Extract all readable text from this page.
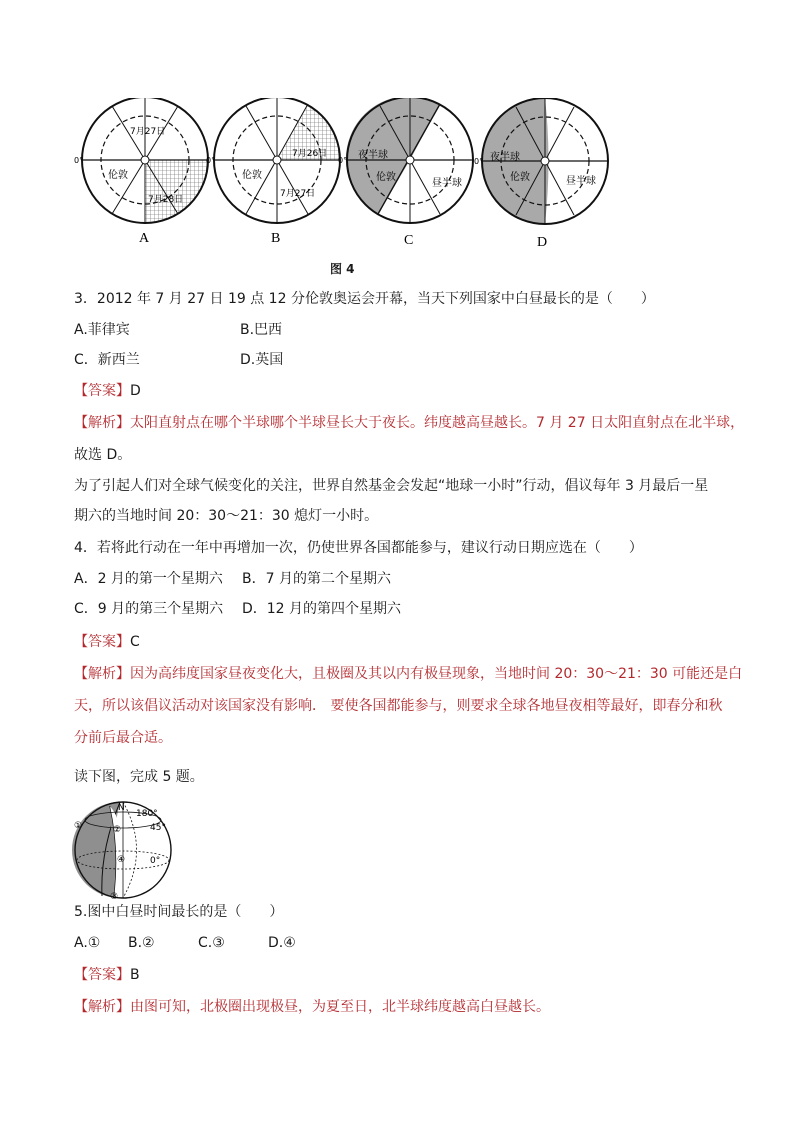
7月27日
伦敦
7月28日
0°
A
7月26日
伦敦
7月27日
0°
B
夜半球
伦敦
昼半球
0°
C
夜半球
伦敦	昼半球
0°
D
图 4
3．2012 年 7 月 27 日 19 点 12 分伦敦奥运会开幕，当天下列国家中白昼最长的是（　　）
A.菲律宾	B.巴西
C．新西兰	D.英国
【答案】D
【解析】太阳直射点在哪个半球哪个半球昼长大于夜长。纬度越高昼越长。7 月 27 日太阳直射点在北半球，
故选 D。
为了引起人们对全球气候变化的关注，世界自然基金会发起“地球一小时”行动，倡议每年 3 月最后一星
期六的当地时间 20：30～21：30 熄灯一小时。
4．若将此行动在一年中再增加一次，仍使世界各国都能参与，建议行动日期应选在（　　）
A．2 月的第一个星期六 B．7 月的第二个星期六
C．9 月的第三个星期六 D．12 月的第四个星期六
【答案】C
【解析】因为高纬度国家昼夜变化大，且极圈及其以内有极昼现象，当地时间 20：30～21：30 可能还是白
天，所以该倡议活动对该国家没有影响． 要使各国都能参与，则要求全球各地昼夜相等最好，即春分和秋
分前后最合适。
读下图，完成 5 题。
N
180°
45°
0°
①	②
④
③
5.图中白昼时间最长的是（　　）
A.① B.②	C.③	D.④
【答案】B
【解析】由图可知，北极圈出现极昼，为夏至日，北半球纬度越高白昼越长。
